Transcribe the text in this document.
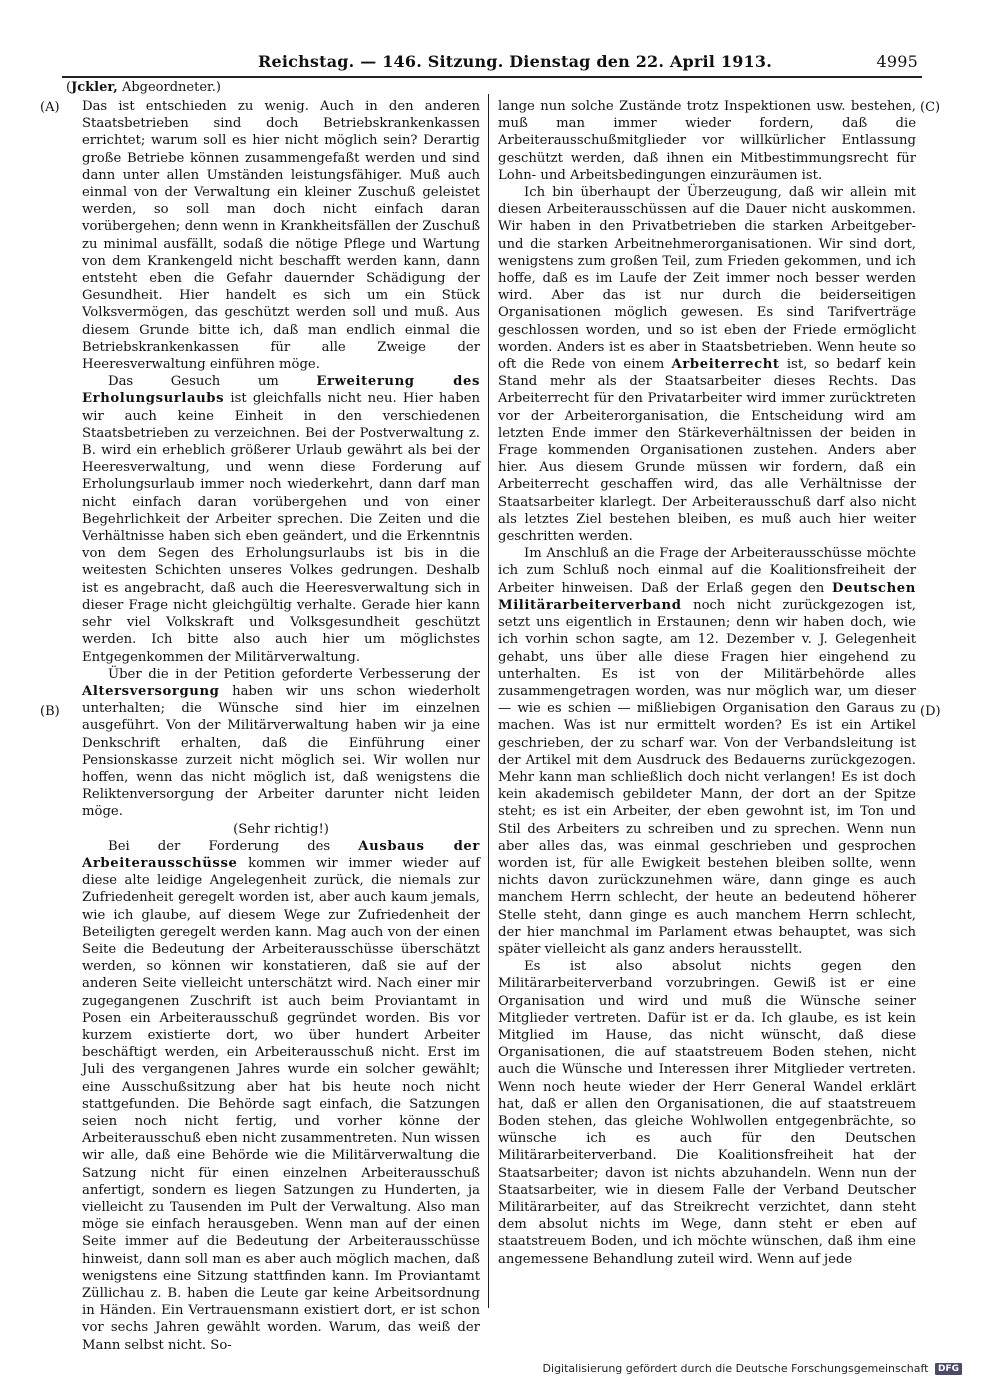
Reichstag. — 146. Sitzung. Dienstag den 22. April 1913.	4995
(Jckler, Abgeordneter.)
(A)
(B)
(C)
(D)

Das ist entschieden zu wenig. Auch in den anderen Staatsbetrieben sind doch Betriebskrankenkassen errichtet; warum soll es hier nicht möglich sein? Derartig große Betriebe können zusammengefaßt werden und sind dann unter allen Umständen leistungsfähiger. Muß auch einmal von der Verwaltung ein kleiner Zuschuß geleistet werden, so soll man doch nicht einfach daran vorübergehen; denn wenn in Krankheitsfällen der Zuschuß zu minimal ausfällt, sodaß die nötige Pflege und Wartung von dem Krankengeld nicht beschafft werden kann, dann entsteht eben die Gefahr dauernder Schädigung der Gesundheit. Hier handelt es sich um ein Stück Volksvermögen, das geschützt werden soll und muß. Aus diesem Grunde bitte ich, daß man endlich einmal die Betriebskrankenkassen für alle Zweige der Heeresverwaltung einführen möge.

Das Gesuch um	Erweiterung des Erholungsurlaubs ist gleichfalls nicht neu. Hier haben wir auch keine Einheit in den verschiedenen Staatsbetrieben zu verzeichnen. Bei der Postverwaltung z. B. wird ein erheblich größerer Urlaub gewährt als bei der Heeresverwaltung, und wenn diese Forderung auf Erholungsurlaub immer noch wiederkehrt, dann darf man nicht einfach daran vorübergehen und von einer Begehrlichkeit der Arbeiter sprechen. Die Zeiten und die Verhältnisse haben sich eben geändert, und die Erkenntnis von dem Segen des Erholungsurlaubs ist bis in die weitesten Schichten unseres Volkes gedrungen. Deshalb ist es angebracht, daß auch die Heeresverwaltung sich in dieser Frage nicht gleichgültig verhalte. Gerade hier kann sehr viel Volkskraft und Volksgesundheit geschützt werden. Ich bitte also auch hier um möglichstes Entgegenkommen der Militärverwaltung.

Über die in der Petition geforderte Verbesserung der Altersversorgung haben wir uns schon wiederholt unterhalten; die Wünsche sind hier im einzelnen ausgeführt. Von der Militärverwaltung haben wir ja eine Denkschrift erhalten, daß die Einführung einer Pensionskasse zurzeit nicht möglich sei. Wir wollen nur hoffen, wenn das nicht möglich ist, daß wenigstens die Reliktenversorgung der Arbeiter darunter nicht leiden möge.

(Sehr richtig!)

Bei der Forderung des Ausbaus der Arbeiterausschüsse kommen wir immer wieder auf diese alte leidige Angelegenheit zurück, die niemals zur Zufriedenheit geregelt worden ist, aber auch kaum jemals, wie ich glaube, auf diesem Wege zur Zufriedenheit der Beteiligten geregelt werden kann. Mag auch von der einen Seite die Bedeutung der Arbeiterausschüsse überschätzt werden, so können wir konstatieren, daß sie auf der anderen Seite vielleicht unterschätzt wird. Nach einer mir zugegangenen Zuschrift ist auch beim Proviantamt in Posen ein Arbeiterausschuß gegründet worden. Bis vor kurzem existierte dort, wo über hundert Arbeiter beschäftigt werden, ein Arbeiterausschuß nicht. Erst im Juli des vergangenen Jahres wurde ein solcher gewählt; eine Ausschußsitzung aber hat bis heute noch nicht stattgefunden. Die Behörde sagt einfach, die Satzungen seien noch nicht fertig, und vorher könne der Arbeiterausschuß eben nicht zusammentreten. Nun wissen wir alle, daß eine Behörde wie die Militärverwaltung die Satzung nicht für einen einzelnen Arbeiterausschuß anfertigt, sondern es liegen Satzungen zu Hunderten, ja vielleicht zu Tausenden im Pult der Verwaltung. Also man möge sie einfach herausgeben. Wenn man auf der einen Seite immer auf die Bedeutung der Arbeiterausschüsse hinweist, dann soll man es aber auch möglich machen, daß wenigstens eine Sitzung stattfinden kann. Im Proviantamt Züllichau z. B. haben die Leute gar keine Arbeitsordnung in Händen. Ein Vertrauensmann existiert dort, er ist schon vor sechs Jahren gewählt worden. Warum, das weiß der Mann selbst nicht. So-

lange nun solche Zustände trotz Inspektionen usw. bestehen, muß man immer wieder fordern, daß die Arbeiterausschußmitglieder vor willkürlicher Entlassung geschützt werden, daß ihnen ein Mitbestimmungsrecht für Lohn- und Arbeitsbedingungen einzuräumen ist.

Ich bin überhaupt der Überzeugung, daß wir allein mit diesen Arbeiterausschüssen auf die Dauer nicht auskommen. Wir haben in den Privatbetrieben die starken Arbeitgeber- und die starken Arbeitnehmerorganisationen. Wir sind dort, wenigstens zum großen Teil, zum Frieden gekommen, und ich hoffe, daß es im Laufe der Zeit immer noch besser werden wird. Aber das ist nur durch die beiderseitigen Organisationen möglich gewesen. Es sind Tarifverträge geschlossen worden, und so ist eben der Friede ermöglicht worden. Anders ist es aber in Staatsbetrieben. Wenn heute so oft die Rede von einem Arbeiterrecht ist, so bedarf kein Stand mehr als der Staatsarbeiter dieses Rechts. Das Arbeiterrecht für den Privatarbeiter wird immer zurücktreten vor der Arbeiterorganisation, die Entscheidung wird am letzten Ende immer den Stärkeverhältnissen der beiden in Frage kommenden Organisationen zustehen. Anders aber hier. Aus diesem Grunde müssen wir fordern, daß ein Arbeiterrecht geschaffen wird, das alle Verhältnisse der Staatsarbeiter klarlegt. Der Arbeiterausschuß darf also nicht als letztes Ziel bestehen bleiben, es muß auch hier weiter geschritten werden.

Im Anschluß an die Frage der Arbeiterausschüsse möchte ich zum Schluß noch einmal auf die Koalitionsfreiheit der Arbeiter hinweisen. Daß der Erlaß gegen den Deutschen Militärarbeiterverband noch nicht zurückgezogen ist, setzt uns eigentlich in Erstaunen; denn wir haben doch, wie ich vorhin schon sagte, am 12. Dezember v. J. Gelegenheit gehabt, uns über alle diese Fragen hier eingehend zu unterhalten. Es ist von der Militärbehörde alles zusammengetragen worden, was nur möglich war, um dieser — wie es schien — mißliebigen Organisation den Garaus zu machen. Was ist nur ermittelt worden? Es ist ein Artikel geschrieben, der zu scharf war. Von der Verbandsleitung ist der Artikel mit dem Ausdruck des Bedauerns zurückgezogen. Mehr kann man schließlich doch nicht verlangen! Es ist doch kein akademisch gebildeter Mann, der dort an der Spitze steht; es ist ein Arbeiter, der eben gewohnt ist, im Ton und Stil des Arbeiters zu schreiben und zu sprechen. Wenn nun aber alles das, was einmal geschrieben und gesprochen worden ist, für alle Ewigkeit bestehen bleiben sollte, wenn nichts davon zurückzunehmen wäre, dann ginge es auch manchem Herrn schlecht, der heute an bedeutend höherer Stelle steht, dann ginge es auch manchem Herrn schlecht, der hier manchmal im Parlament etwas behauptet, was sich später vielleicht als ganz anders herausstellt.

Es ist also absolut nichts gegen den Militärarbeiterverband vorzubringen. Gewiß ist er eine Organisation und wird und muß die Wünsche seiner Mitglieder vertreten. Dafür ist er da. Ich glaube, es ist kein Mitglied im Hause, das nicht wünscht, daß diese Organisationen, die auf staatstreuem Boden stehen, nicht auch die Wünsche und Interessen ihrer Mitglieder vertreten. Wenn noch heute wieder der Herr General Wandel erklärt hat, daß er allen den Organisationen, die auf staatstreuem Boden stehen, das gleiche Wohlwollen entgegenbrächte, so wünsche ich es auch für den Deutschen Militärarbeiterverband. Die Koalitionsfreiheit hat der Staatsarbeiter; davon ist nichts abzuhandeln. Wenn nun der Staatsarbeiter, wie in diesem Falle der Verband Deutscher Militärarbeiter, auf das Streikrecht verzichtet, dann steht dem absolut nichts im Wege, dann steht er eben auf staatstreuem Boden, und ich möchte wünschen, daß ihm eine angemessene Behandlung zuteil wird. Wenn auf jede

Digitalisierung gefördert durch die Deutsche Forschungsgemeinschaft DFG
